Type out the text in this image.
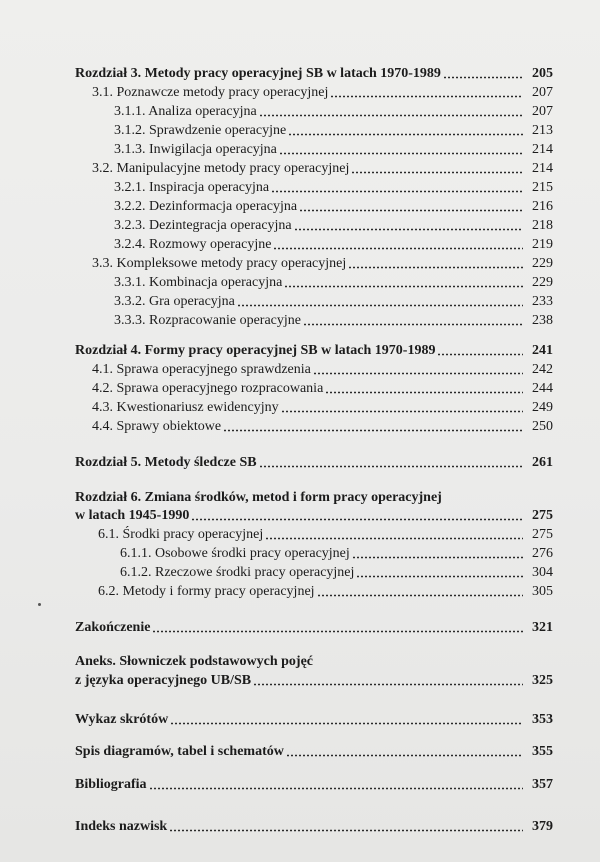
Rozdział 3. Metody pracy operacyjnej SB w latach 1970-1989	205
3.1. Poznawcze metody pracy operacyjnej	207
3.1.1. Analiza operacyjna	207
3.1.2. Sprawdzenie operacyjne	213
3.1.3. Inwigilacja operacyjna	214
3.2. Manipulacyjne metody pracy operacyjnej	214
3.2.1. Inspiracja operacyjna	215
3.2.2. Dezinformacja operacyjna	216
3.2.3. Dezintegracja operacyjna	218
3.2.4. Rozmowy operacyjne	219
3.3. Kompleksowe metody pracy operacyjnej	229
3.3.1. Kombinacja operacyjna	229
3.3.2. Gra operacyjna	233
3.3.3. Rozpracowanie operacyjne	238
Rozdział 4. Formy pracy operacyjnej SB w latach 1970-1989	241
4.1. Sprawa operacyjnego sprawdzenia	242
4.2. Sprawa operacyjnego rozpracowania	244
4.3. Kwestionariusz ewidencyjny	249
4.4. Sprawy obiektowe	250
Rozdział 5. Metody śledcze SB	261
Rozdział 6. Zmiana środków, metod i form pracy operacyjnej
w latach 1945-1990	275
6.1. Środki pracy operacyjnej	275
6.1.1. Osobowe środki pracy operacyjnej	276
6.1.2. Rzeczowe środki pracy operacyjnej	304
6.2. Metody i formy pracy operacyjnej	305
Zakończenie	321
Aneks. Słowniczek podstawowych pojęć
z języka operacyjnego UB/SB	325
Wykaz skrótów	353
Spis diagramów, tabel i schematów	355
Bibliografia	357
Indeks nazwisk	379
